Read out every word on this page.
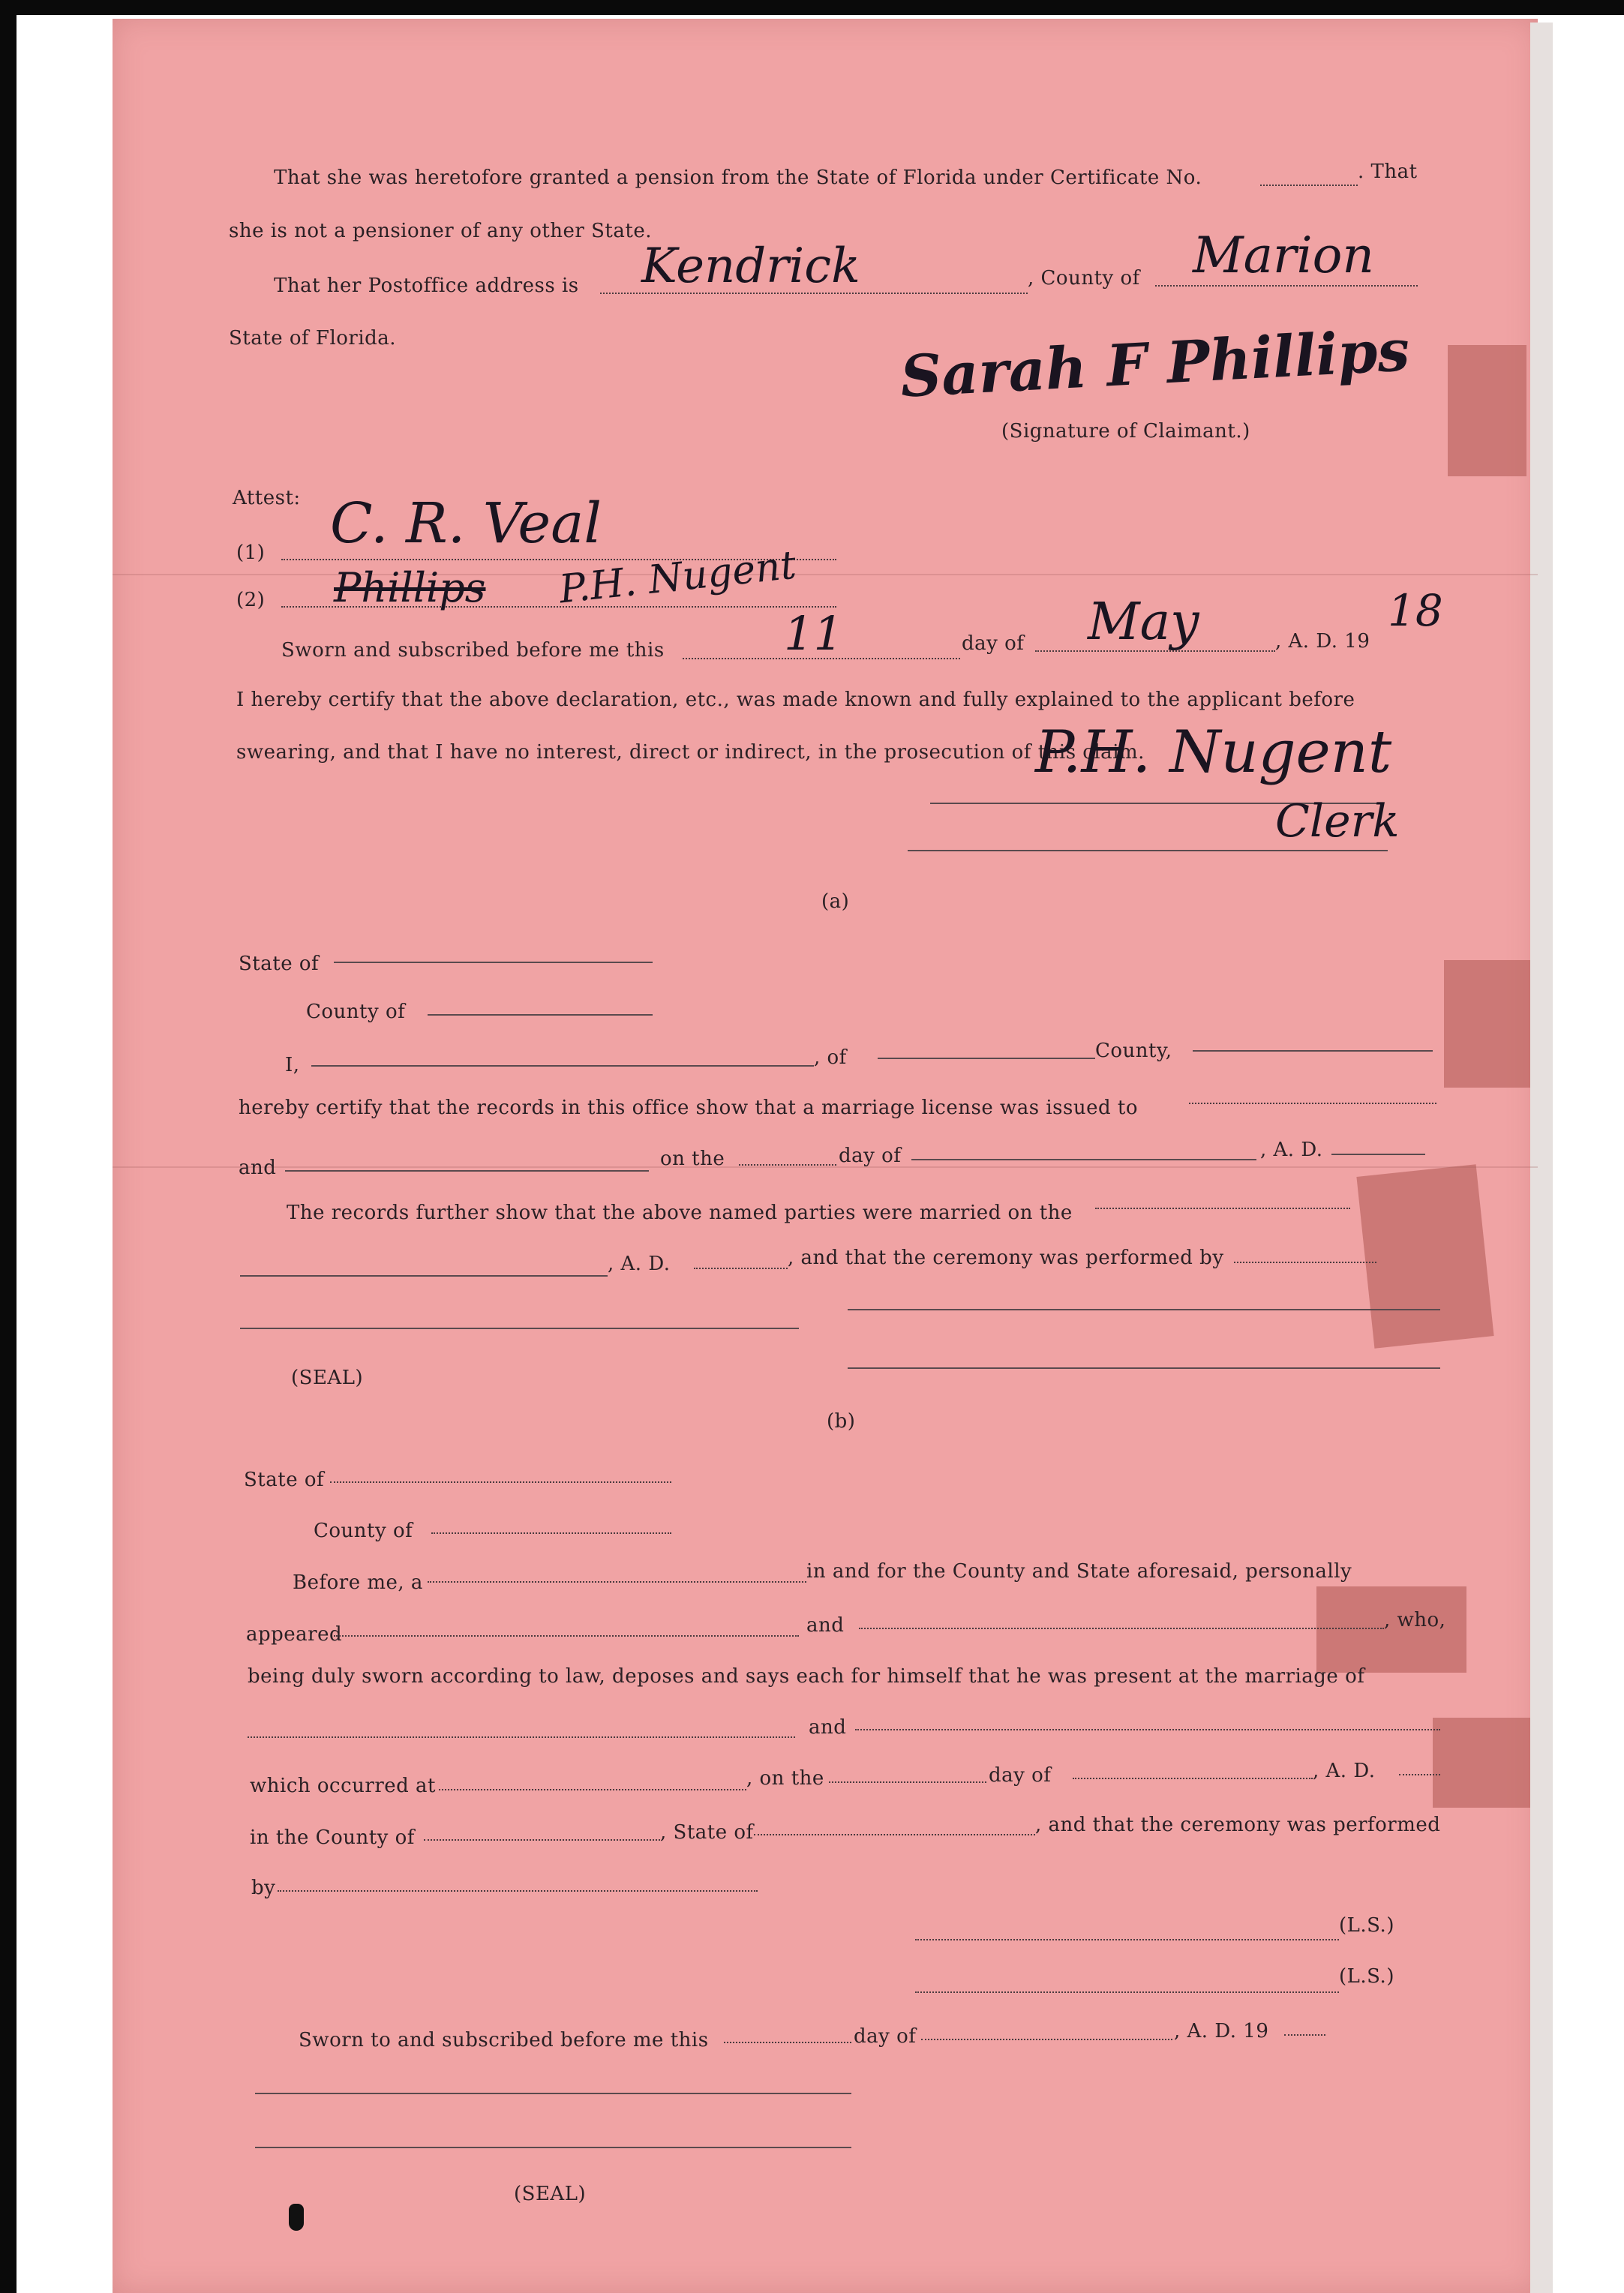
That she was heretofore granted a pension from the State of Florida under Certificate No.	. That
she is not a pensioner of any other State.
That her Postoffice address is Kendrick	, County of Marion
State of Florida.	Sarah F Phillips
(Signature of Claimant.)
Attest:
(1) C. R. Veal
(2) Phillips P.H. Nugent
Sworn and subscribed before me this	11	day of May	, A. D. 19
18
I hereby certify that the above declaration, etc., was made known and fully explained to the applicant before
swearing, and that I have no interest, direct or indirect, in the prosecution of this claim.
P.H. Nugent
Clerk
(a)
State of
County of
I,	, of	County,
hereby certify that the records in this office show that a marriage license was issued to
and	on the	day of	, A. D.
The records further show that the above named parties were married on the
, A. D.	, and that the ceremony was performed by
(SEAL)
(b)
State of
County of
Before me, a	in and for the County and State aforesaid, personally
appeared	and	, who,
being duly sworn according to law, deposes and says each for himself that he was present at the marriage of
and
which occurred at	, on the	day of	, A. D.
in the County of	, State of	, and that the ceremony was performed
by
(L.S.)
(L.S.)
Sworn to and subscribed before me this	day of	, A. D. 19
(SEAL)
